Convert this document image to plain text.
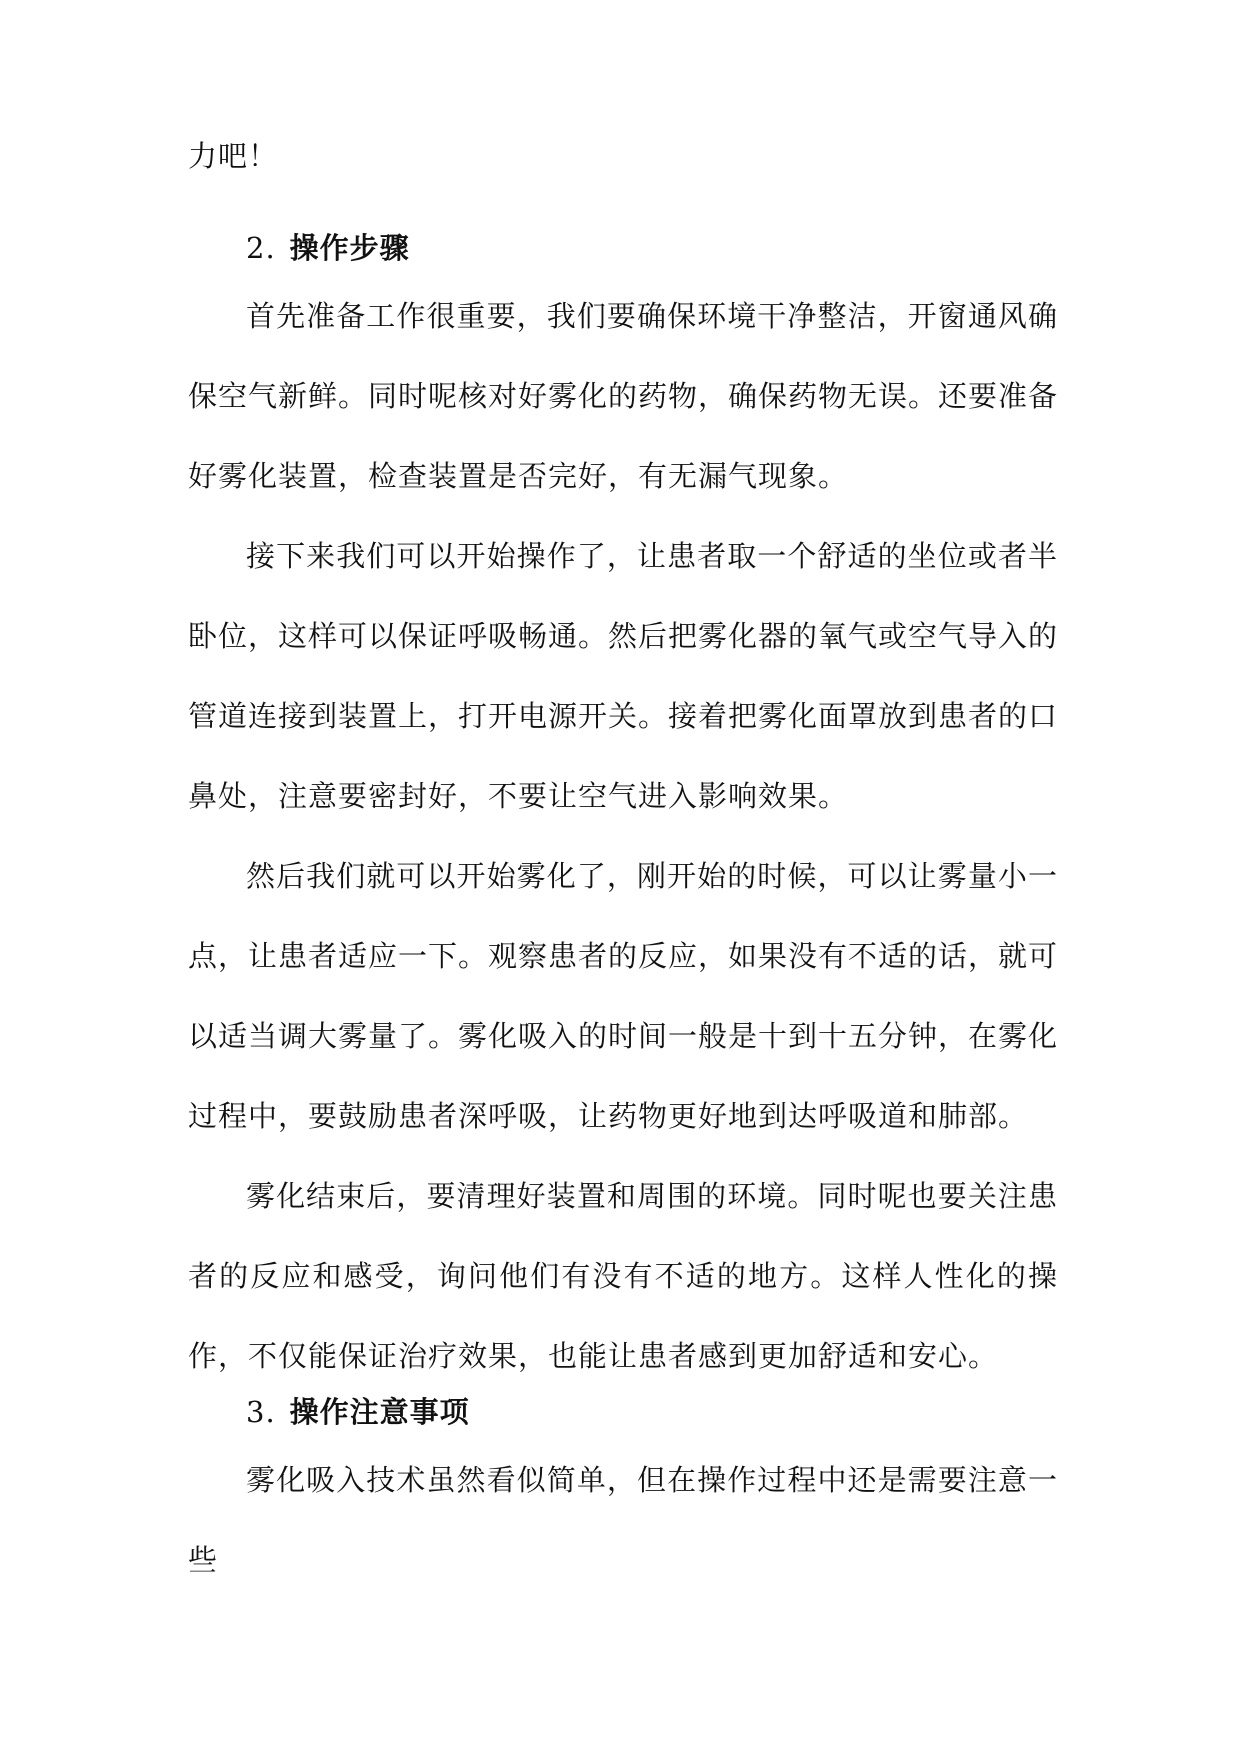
力吧！

2. 操作步骤

首先准备工作很重要，我们要确保环境干净整洁，开窗通风确保空气新鲜。同时呢核对好雾化的药物，确保药物无误。还要准备好雾化装置，检查装置是否完好，有无漏气现象。

接下来我们可以开始操作了，让患者取一个舒适的坐位或者半卧位，这样可以保证呼吸畅通。然后把雾化器的氧气或空气导入的管道连接到装置上，打开电源开关。接着把雾化面罩放到患者的口鼻处，注意要密封好，不要让空气进入影响效果。

然后我们就可以开始雾化了，刚开始的时候，可以让雾量小一点，让患者适应一下。观察患者的反应，如果没有不适的话，就可以适当调大雾量了。雾化吸入的时间一般是十到十五分钟，在雾化过程中，要鼓励患者深呼吸，让药物更好地到达呼吸道和肺部。

雾化结束后，要清理好装置和周围的环境。同时呢也要关注患者的反应和感受，询问他们有没有不适的地方。这样人性化的操作，不仅能保证治疗效果，也能让患者感到更加舒适和安心。

3. 操作注意事项

雾化吸入技术虽然看似简单，但在操作过程中还是需要注意一些
